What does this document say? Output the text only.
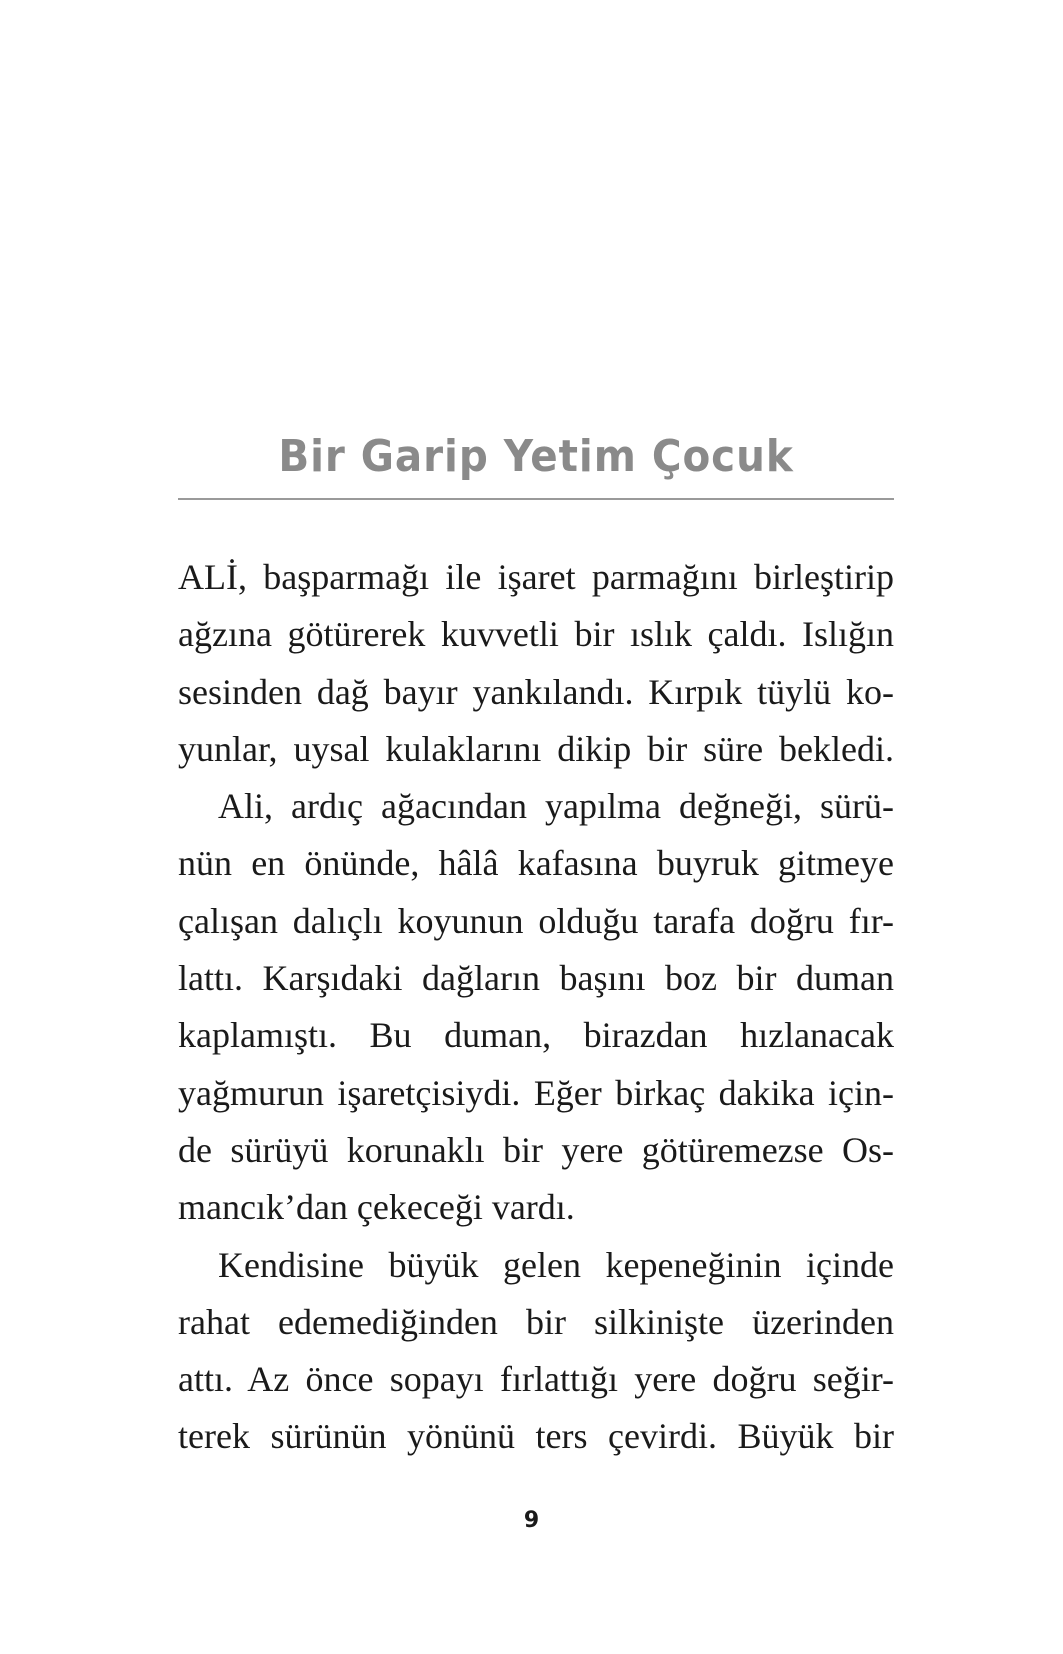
Bir Garip Yetim Çocuk
ALİ, başparmağı ile işaret parmağını birleştirip
ağzına götürerek kuvvetli bir ıslık çaldı. Islığın
sesinden dağ bayır yankılandı. Kırpık tüylü ko-
yunlar, uysal kulaklarını dikip bir süre bekledi.
Ali, ardıç ağacından yapılma değneği, sürü-
nün en önünde, hâlâ kafasına buyruk gitmeye
çalışan dalıçlı koyunun olduğu tarafa doğru fır-
lattı. Karşıdaki dağların başını boz bir duman
kaplamıştı. Bu duman, birazdan hızlanacak
yağmurun işaretçisiydi. Eğer birkaç dakika için-
de sürüyü korunaklı bir yere götüremezse Os-
mancık’dan çekeceği vardı.
Kendisine büyük gelen kepeneğinin içinde
rahat edemediğinden bir silkinişte üzerinden
attı. Az önce sopayı fırlattığı yere doğru seğir-
terek sürünün yönünü ters çevirdi. Büyük bir
9
